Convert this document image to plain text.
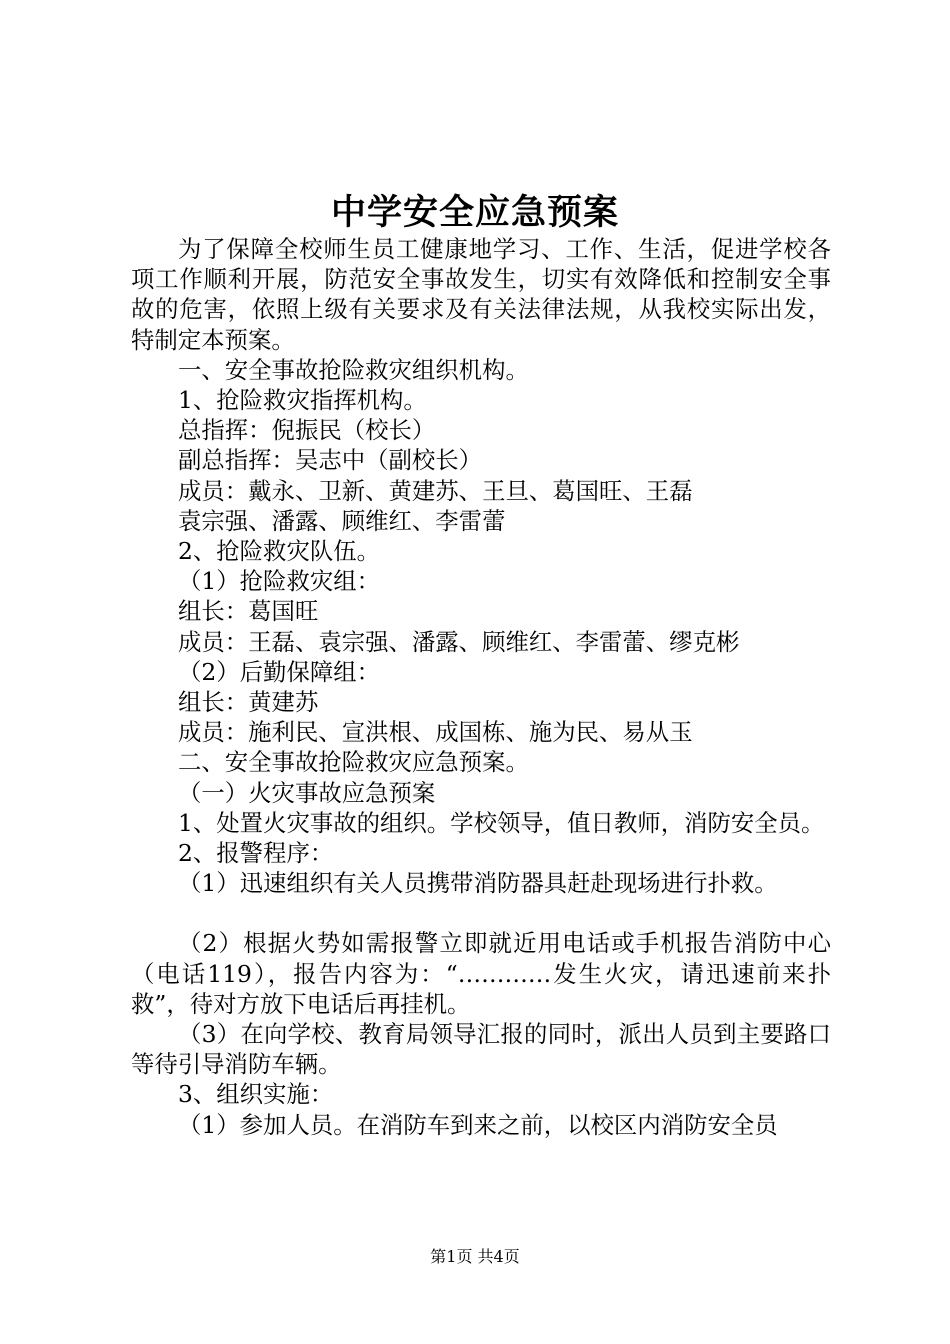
中学安全应急预案

为了保障全校师生员工健康地学习、工作、生活，促进学校各项工作顺利开展，防范安全事故发生，切实有效降低和控制安全事故的危害，依照上级有关要求及有关法律法规，从我校实际出发，特制定本预案。

一、安全事故抢险救灾组织机构。

1、抢险救灾指挥机构。

总指挥：倪振民（校长）

副总指挥：吴志中（副校长）

成员：戴永、卫新、黄建苏、王旦、葛国旺、王磊

袁宗强、潘露、顾维红、李雷蕾

2、抢险救灾队伍。

（1）抢险救灾组：

组长：葛国旺

成员：王磊、袁宗强、潘露、顾维红、李雷蕾、缪克彬

（2）后勤保障组：

组长：黄建苏

成员：施利民、宣洪根、成国栋、施为民、易从玉

二、安全事故抢险救灾应急预案。

（一）火灾事故应急预案

1、处置火灾事故的组织。学校领导，值日教师，消防安全员。

2、报警程序：

（1）迅速组织有关人员携带消防器具赶赴现场进行扑救。

（2）根据火势如需报警立即就近用电话或手机报告消防中心（电话119），报告内容为：“…………发生火灾，请迅速前来扑救”，待对方放下电话后再挂机。

（3）在向学校、教育局领导汇报的同时，派出人员到主要路口等待引导消防车辆。

3、组织实施：

（1）参加人员。在消防车到来之前，以校区内消防安全员

第1页 共4页
